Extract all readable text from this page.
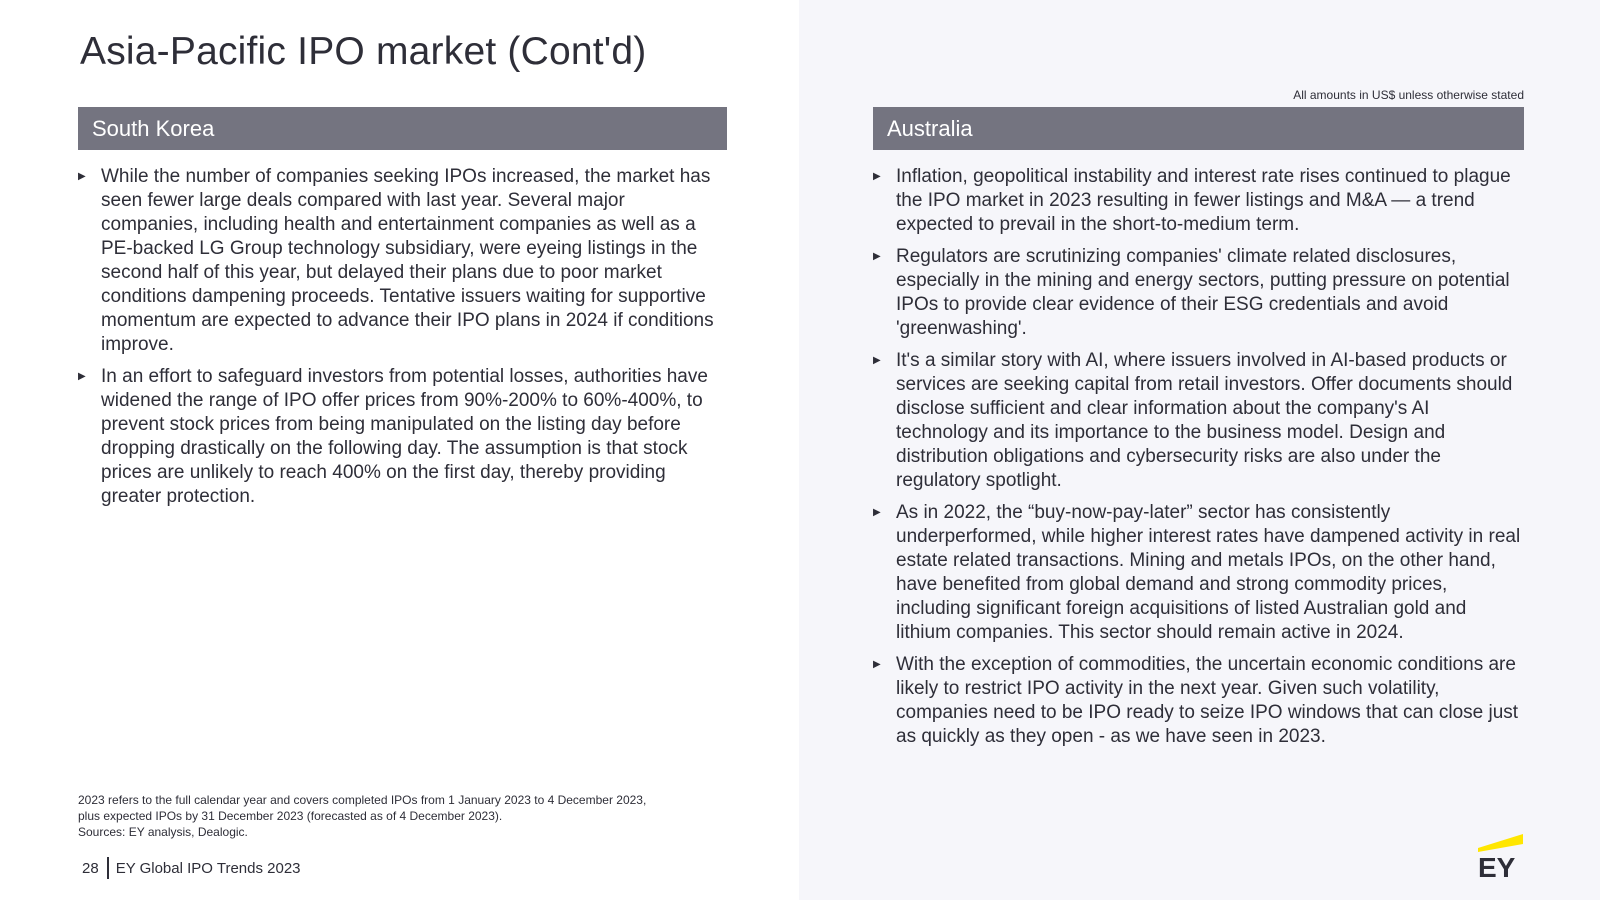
Asia-Pacific IPO market (Cont'd)
All amounts in US$ unless otherwise stated
South Korea
▶ While the number of companies seeking IPOs increased, the market has seen fewer large deals compared with last year. Several major companies, including health and entertainment companies as well as a PE-backed LG Group technology subsidiary, were eyeing listings in the second half of this year, but delayed their plans due to poor market conditions dampening proceeds. Tentative issuers waiting for supportive momentum are expected to advance their IPO plans in 2024 if conditions improve.
▶ In an effort to safeguard investors from potential losses, authorities have widened the range of IPO offer prices from 90%-200% to 60%-400%, to prevent stock prices from being manipulated on the listing day before dropping drastically on the following day. The assumption is that stock prices are unlikely to reach 400% on the first day, thereby providing greater protection.
Australia
▶ Inflation, geopolitical instability and interest rate rises continued to plague the IPO market in 2023 resulting in fewer listings and M&A — a trend expected to prevail in the short-to-medium term.
▶ Regulators are scrutinizing companies' climate related disclosures, especially in the mining and energy sectors, putting pressure on potential IPOs to provide clear evidence of their ESG credentials and avoid 'greenwashing'.
▶ It's a similar story with AI, where issuers involved in AI-based products or services are seeking capital from retail investors. Offer documents should disclose sufficient and clear information about the company's AI technology and its importance to the business model. Design and distribution obligations and cybersecurity risks are also under the regulatory spotlight.
▶ As in 2022, the “buy-now-pay-later” sector has consistently underperformed, while higher interest rates have dampened activity in real estate related transactions. Mining and metals IPOs, on the other hand, have benefited from global demand and strong commodity prices, including significant foreign acquisitions of listed Australian gold and lithium companies. This sector should remain active in 2024.
▶ With the exception of commodities, the uncertain economic conditions are likely to restrict IPO activity in the next year. Given such volatility, companies need to be IPO ready to seize IPO windows that can close just as quickly as they open - as we have seen in 2023.
2023 refers to the full calendar year and covers completed IPOs from 1 January 2023 to 4 December 2023,
plus expected IPOs by 31 December 2023 (forecasted as of 4 December 2023).
Sources: EY analysis, Dealogic.
28 EY Global IPO Trends 2023	EY
